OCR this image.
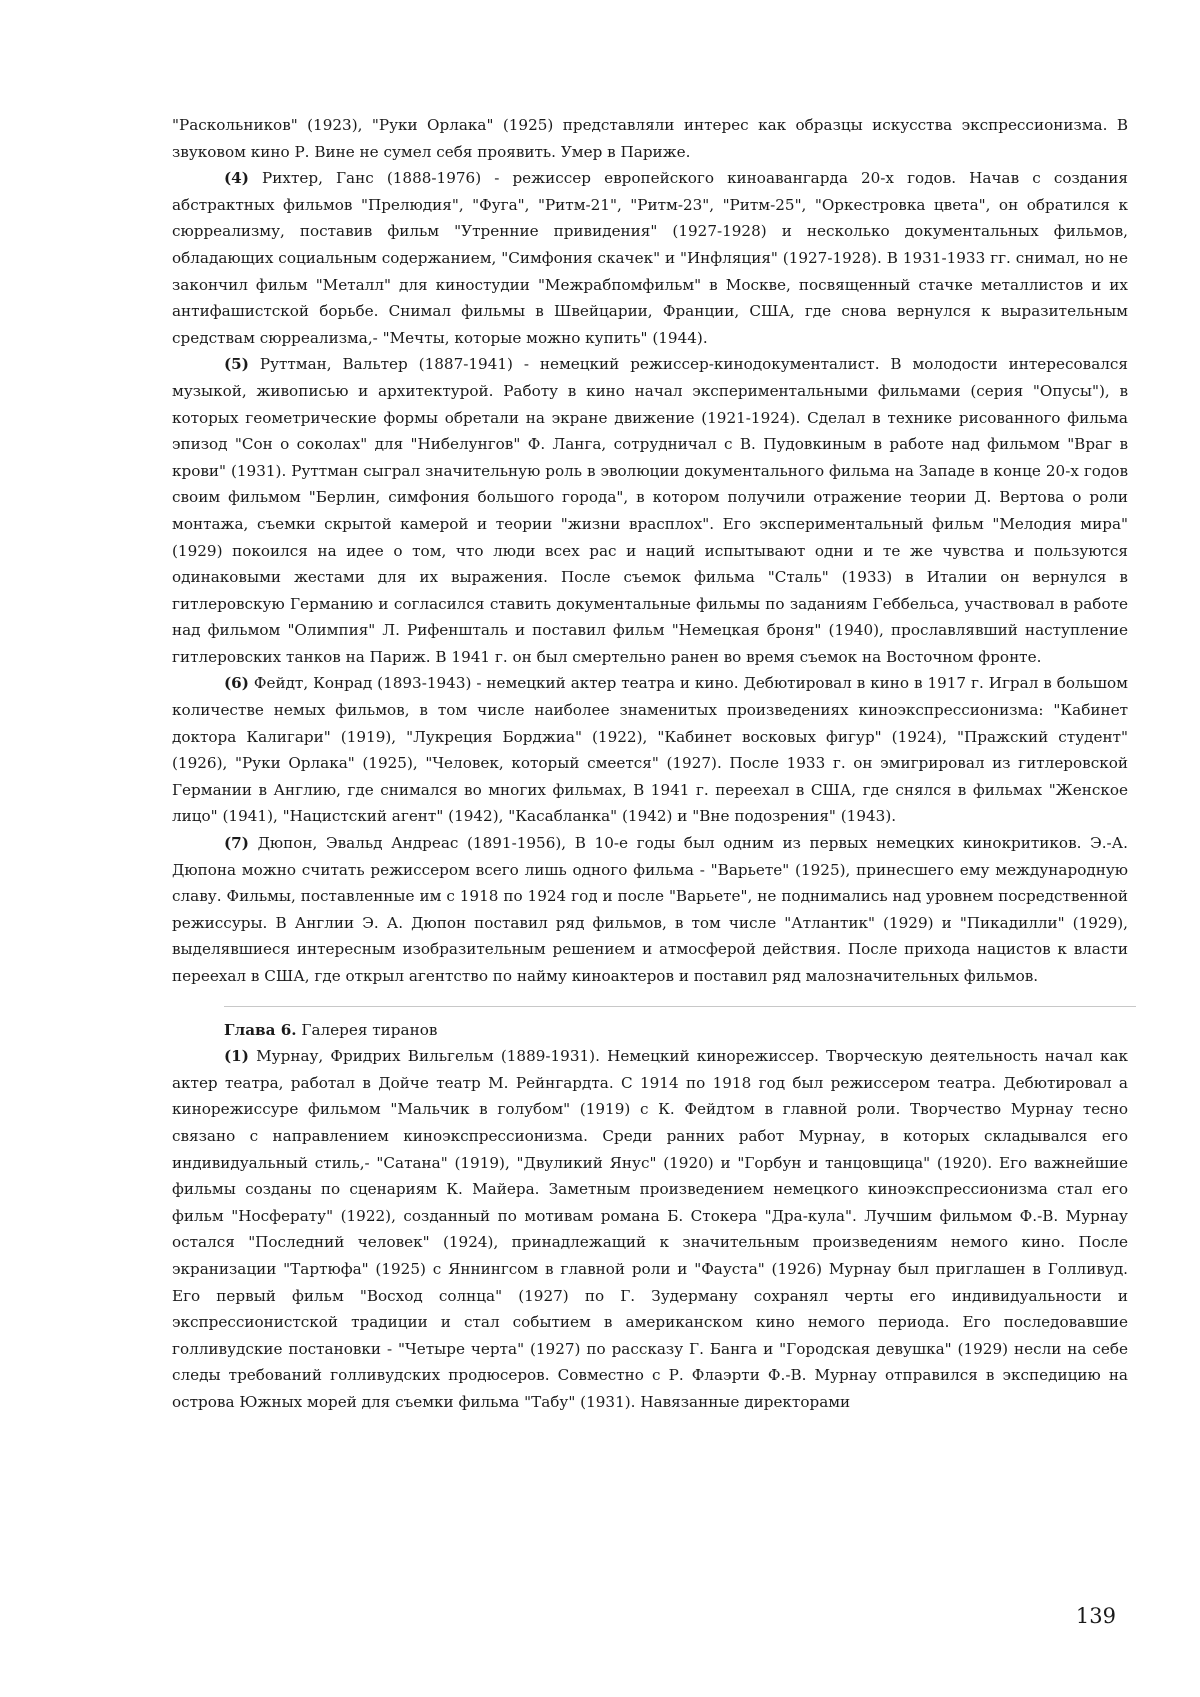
"Раскольников" (1923), "Руки Орлака" (1925) представляли интерес как образцы искусства экспрессионизма. В звуковом кино Р. Вине не сумел себя проявить. Умер в Париже.

(4) Рихтер, Ганс (1888-1976) - режиссер европейского киноавангарда 20-х годов. Начав с создания абстрактных фильмов "Прелюдия", "Фуга", "Ритм-21", "Ритм-23", "Ритм-25", "Оркестровка цвета", он обратился к сюрреализму, поставив фильм "Утренние привидения" (1927-1928) и несколько документальных фильмов, обладающих социальным содержанием, "Симфония скачек" и "Инфляция" (1927-1928). В 1931-1933 гг. снимал, но не закончил фильм "Металл" для киностудии "Межрабпомфильм" в Москве, посвященный стачке металлистов и их антифашистской борьбе. Снимал фильмы в Швейцарии, Франции, США, где снова вернулся к выразительным средствам сюрреализма,- "Мечты, которые можно купить" (1944).

(5) Руттман, Вальтер (1887-1941) - немецкий режиссер-кинодокументалист. В молодости интересовался музыкой, живописью и архитектурой. Работу в кино начал экспериментальными фильмами (серия "Опусы"), в которых геометрические формы обретали на экране движение (1921-1924). Сделал в технике рисованного фильма эпизод "Сон о соколах" для "Нибелунгов" Ф. Ланга, сотрудничал с В. Пудовкиным в работе над фильмом "Враг в крови" (1931). Руттман сыграл значительную роль в эволюции документального фильма на Западе в конце 20-х годов своим фильмом "Берлин, симфония большого города", в котором получили отражение теории Д. Вертова о роли монтажа, съемки скрытой камерой и теории "жизни врасплох". Его экспериментальный фильм "Мелодия мира" (1929) покоился на идее о том, что люди всех рас и наций испытывают одни и те же чувства и пользуются одинаковыми жестами для их выражения. После съемок фильма "Сталь" (1933) в Италии он вернулся в гитлеровскую Германию и согласился ставить документальные фильмы по заданиям Геббельса, участвовал в работе над фильмом "Олимпия" Л. Рифеншталь и поставил фильм "Немецкая броня" (1940), прославлявший наступление гитлеровских танков на Париж. В 1941 г. он был смертельно ранен во время съемок на Восточном фронте.

(6) Фейдт, Конрад (1893-1943) - немецкий актер театра и кино. Дебютировал в кино в 1917 г. Играл в большом количестве немых фильмов, в том числе наиболее знаменитых произведениях киноэкспрессионизма: "Кабинет доктора Калигари" (1919), "Лукреция Борджиа" (1922), "Кабинет восковых фигур" (1924), "Пражский студент" (1926), "Руки Орлака" (1925), "Человек, который смеется" (1927). После 1933 г. он эмигрировал из гитлеровской Германии в Англию, где снимался во многих фильмах, В 1941 г. переехал в США, где снялся в фильмах "Женское лицо" (1941), "Нацистский агент" (1942), "Касабланка" (1942) и "Вне подозрения" (1943).

(7) Дюпон, Эвальд Андреас (1891-1956), В 10-е годы был одним из первых немецких кинокритиков. Э.-А. Дюпона можно считать режиссером всего лишь одного фильма - "Варьете" (1925), принесшего ему международную славу. Фильмы, поставленные им с 1918 по 1924 год и после "Варьете", не поднимались над уровнем посредственной режиссуры. В Англии Э. А. Дюпон поставил ряд фильмов, в том числе "Атлантик" (1929) и "Пикадилли" (1929), выделявшиеся интересным изобразительным решением и атмосферой действия. После прихода нацистов к власти переехал в США, где открыл агентство по найму киноактеров и поставил ряд малозначительных фильмов.

Глава 6. Галерея тиранов

(1) Мурнау, Фридрих Вильгельм (1889-1931). Немецкий кинорежиссер. Творческую деятельность начал как актер театра, работал в Дойче театр М. Рейнгардта. С 1914 по 1918 год был режиссером театра. Дебютировал а кинорежиссуре фильмом "Мальчик в голубом" (1919) с К. Фейдтом в главной роли. Творчество Мурнау тесно связано с направлением киноэкспрессионизма. Среди ранних работ Мурнау, в которых складывался его индивидуальный стиль,- "Сатана" (1919), "Двуликий Янус" (1920) и "Горбун и танцовщица" (1920). Его важнейшие фильмы созданы по сценариям К. Майера. Заметным произведением немецкого киноэкспрессионизма стал его фильм "Носферату" (1922), созданный по мотивам романа Б. Стокера "Дра-кула". Лучшим фильмом Ф.-В. Мурнау остался "Последний человек" (1924), принадлежащий к значительным произведениям немого кино. После экранизации "Тартюфа" (1925) с Яннингсом в главной роли и "Фауста" (1926) Мурнау был приглашен в Голливуд. Его первый фильм "Восход солнца" (1927) по Г. Зудерману сохранял черты его индивидуальности и экспрессионистской традиции и стал событием в американском кино немого периода. Его последовавшие голливудские постановки - "Четыре черта" (1927) по рассказу Г. Банга и "Городская девушка" (1929) несли на себе следы требований голливудских продюсеров. Совместно с Р. Флаэрти Ф.-В. Мурнау отправился в экспедицию на острова Южных морей для съемки фильма "Табу" (1931). Навязанные директорами

139
